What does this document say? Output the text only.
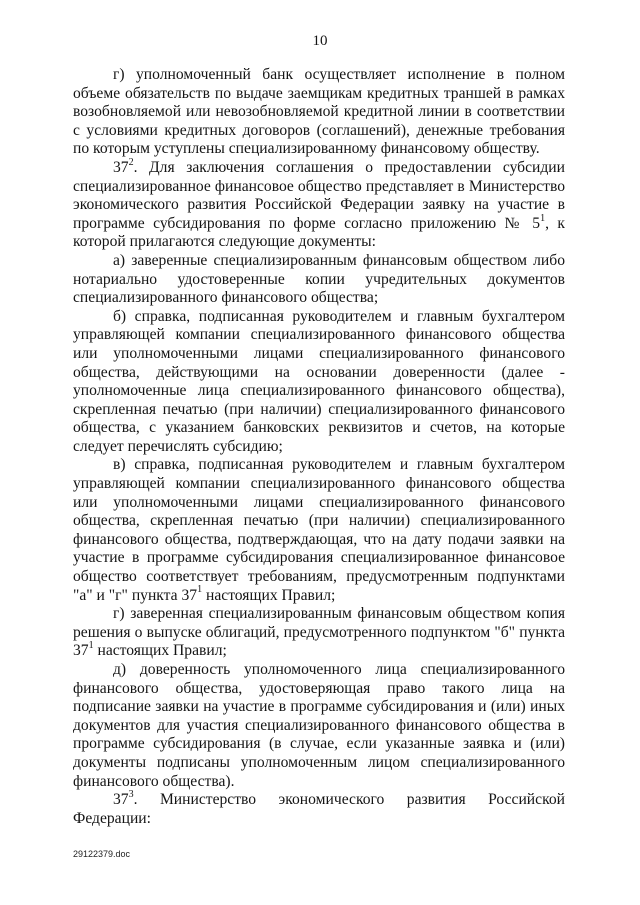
10

г) уполномоченный банк осуществляет исполнение в полном объеме обязательств по выдаче заемщикам кредитных траншей в рамках возобновляемой или невозобновляемой кредитной линии в соответствии с условиями кредитных договоров (соглашений), денежные требования по которым уступлены специализированному финансовому обществу.

$37^2$. Для заключения соглашения о предоставлении субсидии специализированное финансовое общество представляет в Министерство экономического развития Российской Федерации заявку на участие в программе субсидирования по форме согласно приложению № $5^1$, к которой прилагаются следующие документы:

а) заверенные специализированным финансовым обществом либо нотариально удостоверенные копии учредительных документов специализированного финансового общества;

б) справка, подписанная руководителем и главным бухгалтером управляющей компании специализированного финансового общества или уполномоченными лицами специализированного финансового общества, действующими на основании доверенности (далее - уполномоченные лица специализированного финансового общества), скрепленная печатью (при наличии) специализированного финансового общества, с указанием банковских реквизитов и счетов, на которые следует перечислять субсидию;

в) справка, подписанная руководителем и главным бухгалтером управляющей компании специализированного финансового общества или уполномоченными лицами специализированного финансового общества, скрепленная печатью (при наличии) специализированного финансового общества, подтверждающая, что на дату подачи заявки на участие в программе субсидирования специализированное финансовое общество соответствует требованиям, предусмотренным подпунктами "а" и "г" пункта $37^1$ настоящих Правил;

г) заверенная специализированным финансовым обществом копия решения о выпуске облигаций, предусмотренного подпунктом "б" пункта $37^1$ настоящих Правил;

д) доверенность уполномоченного лица специализированного финансового общества, удостоверяющая право такого лица на подписание заявки на участие в программе субсидирования и (или) иных документов для участия специализированного финансового общества в программе субсидирования (в случае, если указанные заявка и (или) документы подписаны уполномоченным лицом специализированного финансового общества).

$37^3$. Министерство экономического развития Российской Федерации:

29122379.doc
